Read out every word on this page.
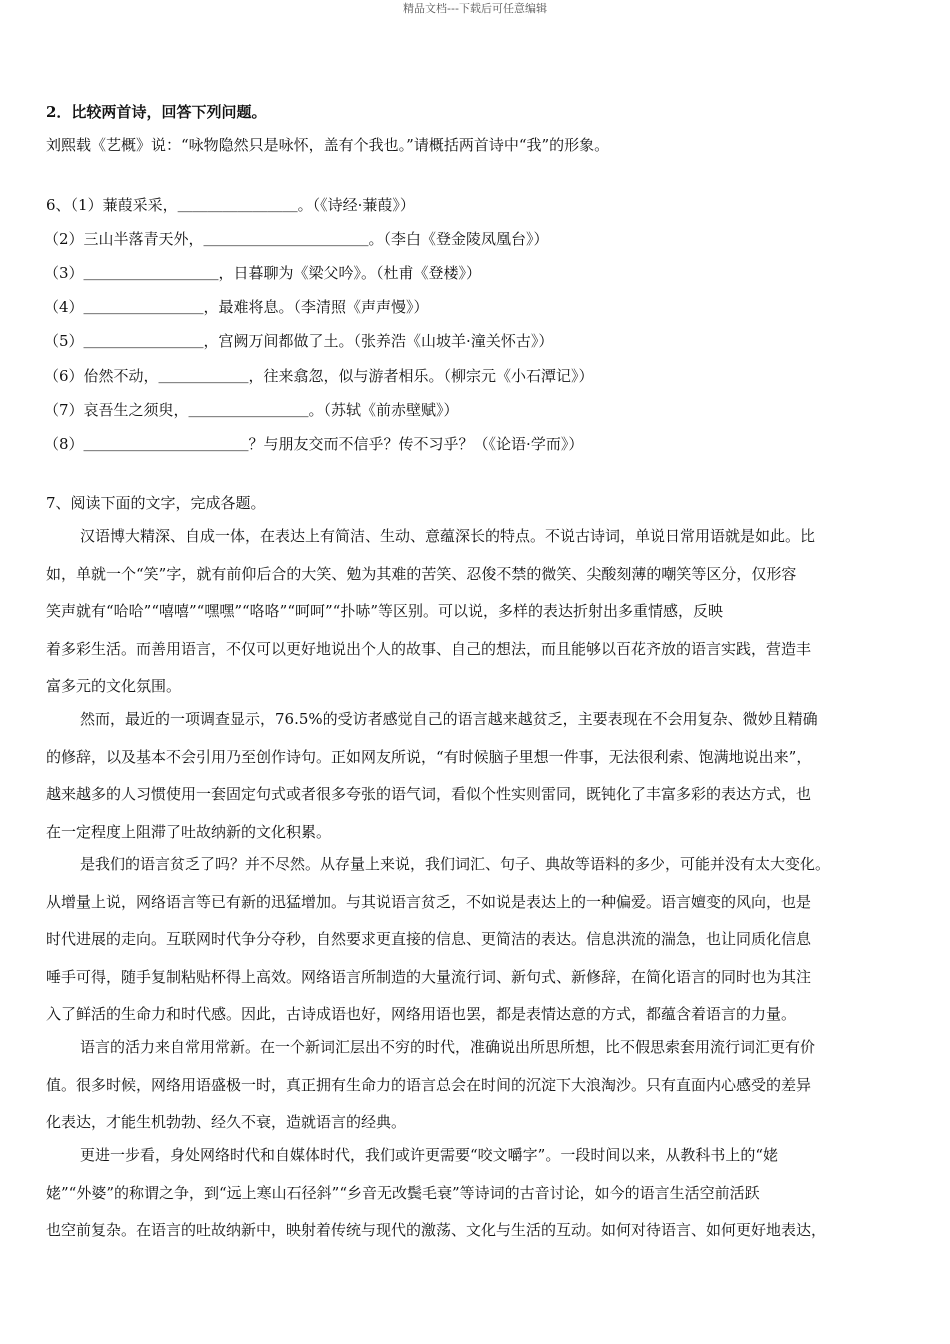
精品文档---下载后可任意编辑
2．比较两首诗，回答下列问题。
刘熙载《艺概》说：“咏物隐然只是咏怀，盖有个我也。”请概括两首诗中“我”的形象。
6、（1）蒹葭采采，＿＿＿＿＿＿＿＿。（《诗经·蒹葭》）
（2）三山半落青天外，＿＿＿＿＿＿＿＿＿＿＿。（李白《登金陵凤凰台》）
（3）＿＿＿＿＿＿＿＿＿，日暮聊为《梁父吟》。（杜甫《登楼》）
（4）＿＿＿＿＿＿＿＿，最难将息。（李清照《声声慢》）
（5）＿＿＿＿＿＿＿＿，宫阙万间都做了土。（张养浩《山坡羊·潼关怀古》）
（6）佁然不动，＿＿＿＿＿＿，往来翕忽，似与游者相乐。（柳宗元《小石潭记》）
（7）哀吾生之须臾，＿＿＿＿＿＿＿＿。（苏轼《前赤壁赋》）
（8）＿＿＿＿＿＿＿＿＿＿＿？与朋友交而不信乎？传不习乎？（《论语·学而》）
7、阅读下面的文字，完成各题。
汉语博大精深、自成一体，在表达上有简洁、生动、意蕴深长的特点。不说古诗词，单说日常用语就是如此。比
如，单就一个“笑”字，就有前仰后合的大笑、勉为其难的苦笑、忍俊不禁的微笑、尖酸刻薄的嘲笑等区分，仅形容
笑声就有“哈哈”“嘻嘻”“嘿嘿”“咯咯”“呵呵”“扑哧”等区别。可以说，多样的表达折射出多重情感，反映
着多彩生活。而善用语言，不仅可以更好地说出个人的故事、自己的想法，而且能够以百花齐放的语言实践，营造丰
富多元的文化氛围。
然而，最近的一项调查显示，76.5%的受访者感觉自己的语言越来越贫乏，主要表现在不会用复杂、微妙且精确
的修辞，以及基本不会引用乃至创作诗句。正如网友所说，“有时候脑子里想一件事，无法很利索、饱满地说出来”，
越来越多的人习惯使用一套固定句式或者很多夸张的语气词，看似个性实则雷同，既钝化了丰富多彩的表达方式，也
在一定程度上阻滞了吐故纳新的文化积累。
是我们的语言贫乏了吗？并不尽然。从存量上来说，我们词汇、句子、典故等语料的多少，可能并没有太大变化。
从增量上说，网络语言等已有新的迅猛增加。与其说语言贫乏，不如说是表达上的一种偏爱。语言嬗变的风向，也是
时代进展的走向。互联网时代争分夺秒，自然要求更直接的信息、更简洁的表达。信息洪流的湍急，也让同质化信息
唾手可得，随手复制粘贴杯得上高效。网络语言所制造的大量流行词、新句式、新修辞，在简化语言的同时也为其注
入了鲜活的生命力和时代感。因此，古诗成语也好，网络用语也罢，都是表情达意的方式，都蕴含着语言的力量。
语言的活力来自常用常新。在一个新词汇层出不穷的时代，准确说出所思所想，比不假思索套用流行词汇更有价
值。很多时候，网络用语盛极一时，真正拥有生命力的语言总会在时间的沉淀下大浪淘沙。只有直面内心感受的差异
化表达，才能生机勃勃、经久不衰，造就语言的经典。
更进一步看，身处网络时代和自媒体时代，我们或许更需要“咬文嚼字”。一段时间以来，从教科书上的“姥
姥”“外婆”的称谓之争，到“远上寒山石径斜”“乡音无改鬓毛衰”等诗词的古音讨论，如今的语言生活空前活跃
也空前复杂。在语言的吐故纳新中，映射着传统与现代的激荡、文化与生活的互动。如何对待语言、如何更好地表达，
